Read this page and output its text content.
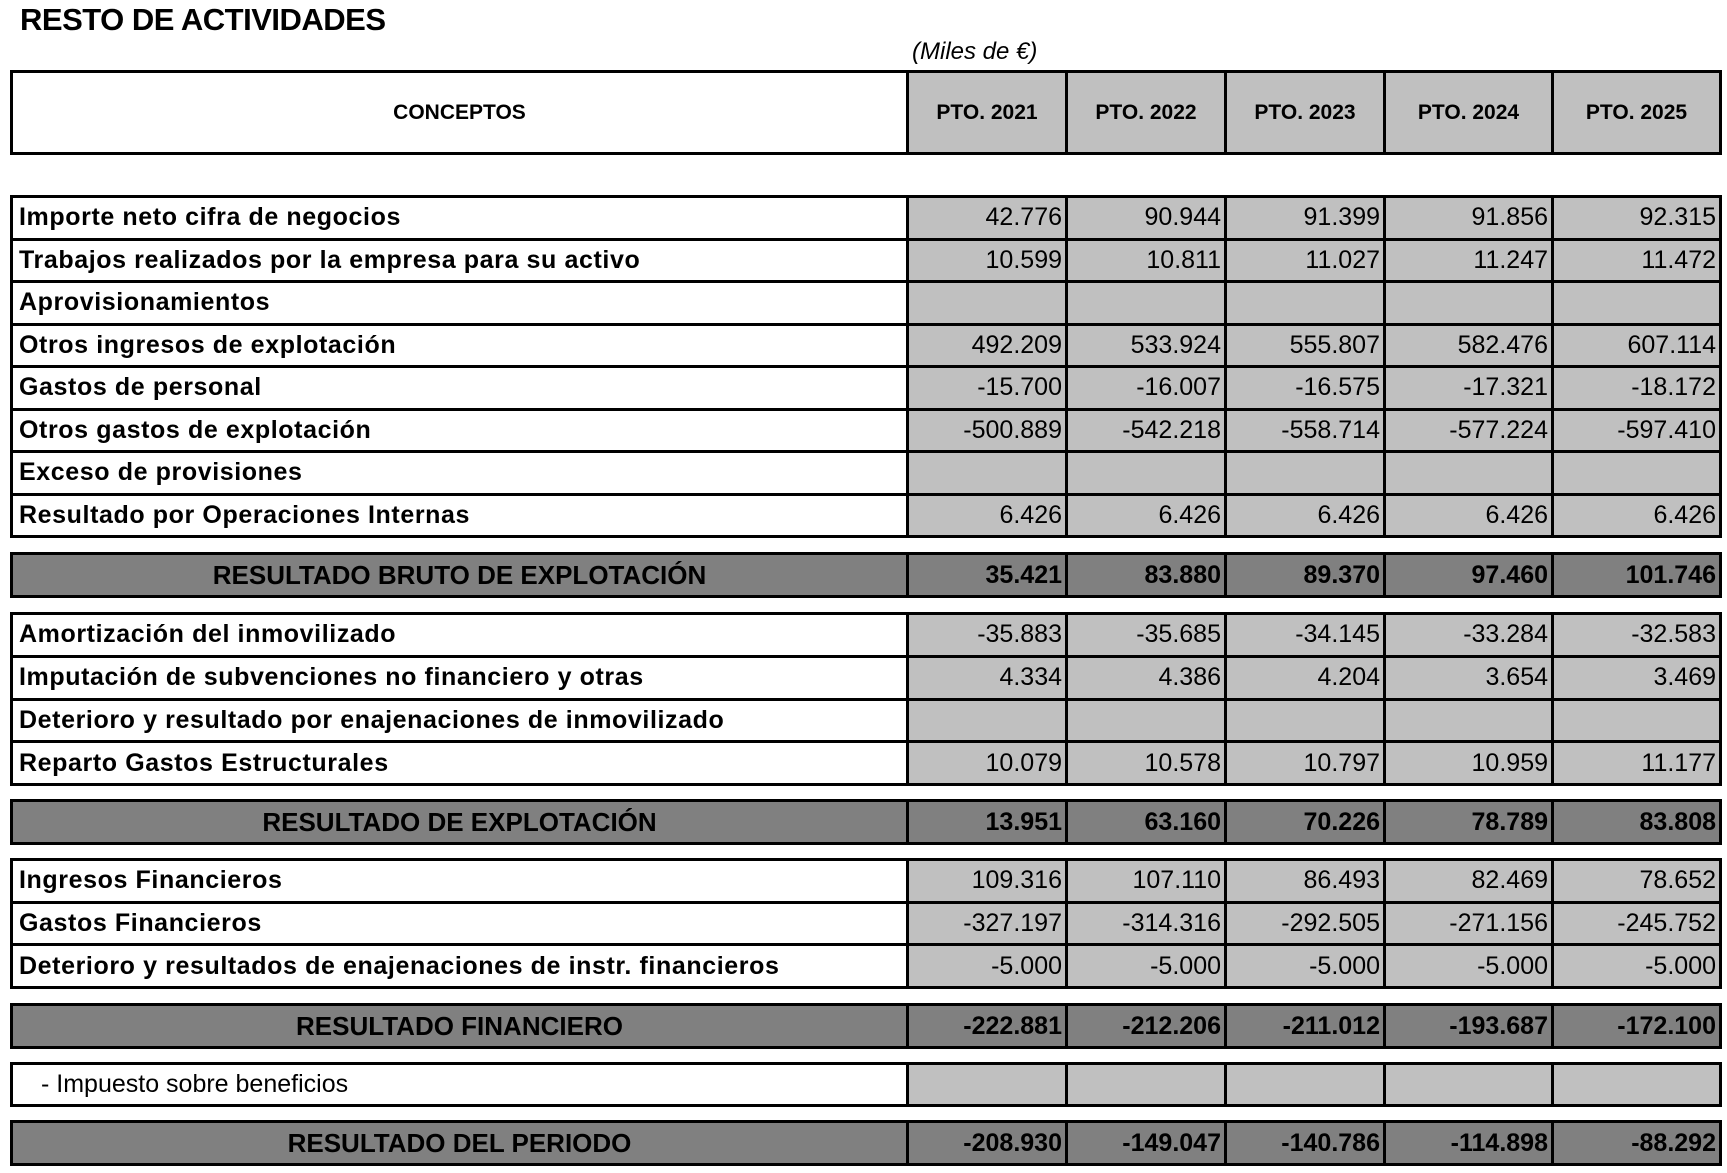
RESTO DE ACTIVIDADES
(Miles de €)
CONCEPTOS	PTO. 2021	PTO. 2022	PTO. 2023	PTO. 2024	PTO. 2025
Importe neto cifra de negocios	42.776	90.944	91.399	91.856	92.315
Trabajos realizados por la empresa para su activo	10.599	10.811	11.027	11.247	11.472
Aprovisionamientos
Otros ingresos de explotación	492.209	533.924	555.807	582.476	607.114
Gastos de personal	-15.700	-16.007	-16.575	-17.321	-18.172
Otros gastos de explotación	-500.889	-542.218	-558.714	-577.224	-597.410
Exceso de provisiones
Resultado por Operaciones Internas	6.426	6.426	6.426	6.426	6.426
RESULTADO BRUTO DE EXPLOTACIÓN	35.421	83.880	89.370	97.460	101.746
Amortización del inmovilizado	-35.883	-35.685	-34.145	-33.284	-32.583
Imputación de subvenciones no financiero y otras	4.334	4.386	4.204	3.654	3.469
Deterioro y resultado por enajenaciones de inmovilizado
Reparto Gastos Estructurales	10.079	10.578	10.797	10.959	11.177
RESULTADO DE EXPLOTACIÓN	13.951	63.160	70.226	78.789	83.808
Ingresos Financieros	109.316	107.110	86.493	82.469	78.652
Gastos Financieros	-327.197	-314.316	-292.505	-271.156	-245.752
Deterioro y resultados de enajenaciones de instr. financieros	-5.000	-5.000	-5.000	-5.000	-5.000
RESULTADO FINANCIERO	-222.881	-212.206	-211.012	-193.687	-172.100
- Impuesto sobre beneficios
RESULTADO DEL PERIODO	-208.930	-149.047	-140.786	-114.898	-88.292
